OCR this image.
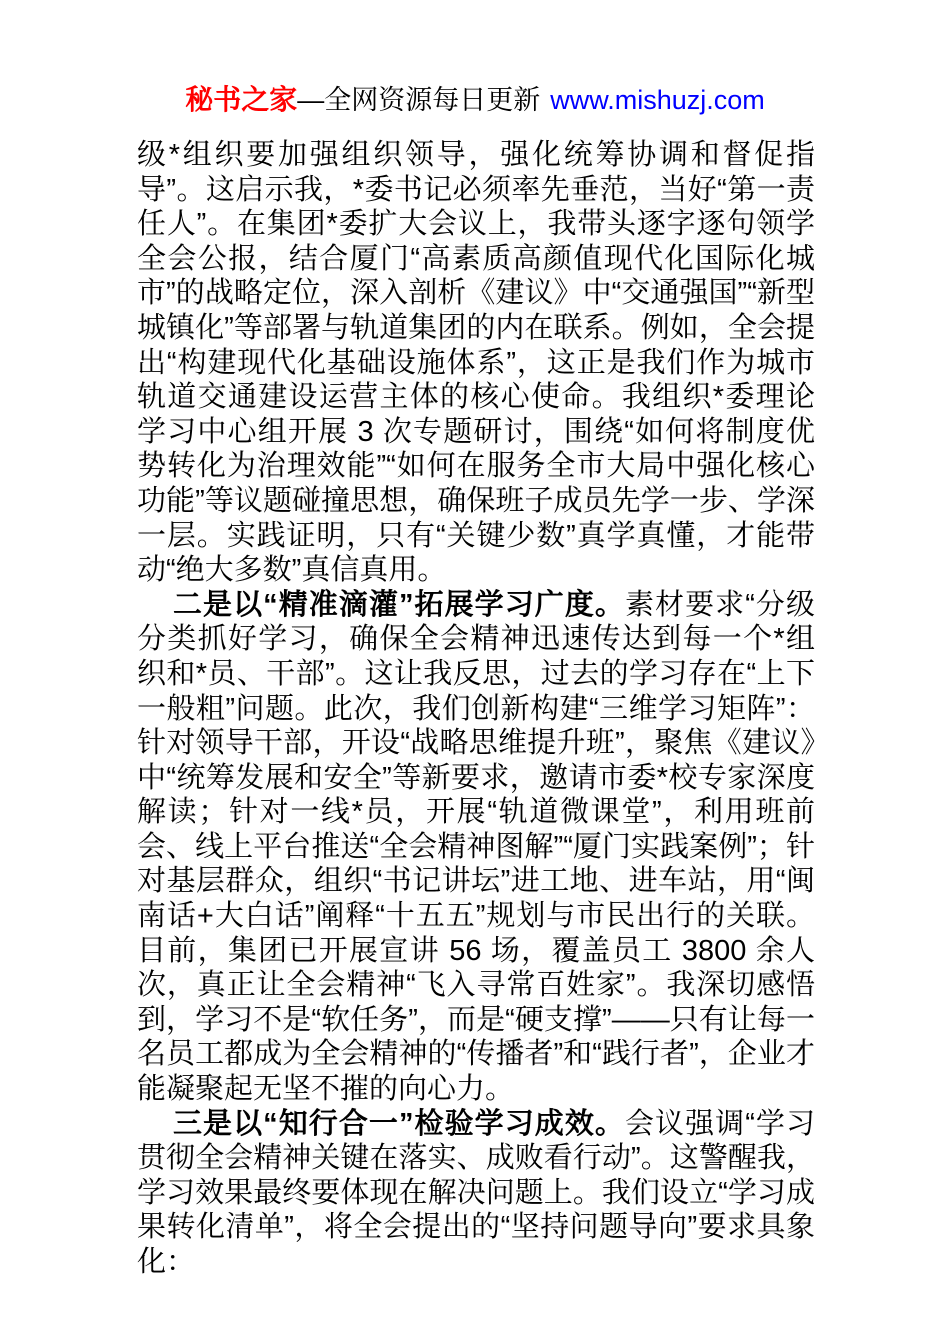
秘书之家—全网资源每日更新 www.mishuzj.com

级*组织要加强组织领导，强化统筹协调和督促指导”。这启示我，*委书记必须率先垂范，当好“第一责任人”。在集团*委扩大会议上，我带头逐字逐句领学全会公报，结合厦门“高素质高颜值现代化国际化城市”的战略定位，深入剖析《建议》中“交通强国”“新型城镇化”等部署与轨道集团的内在联系。例如，全会提出“构建现代化基础设施体系”，这正是我们作为城市轨道交通建设运营主体的核心使命。我组织*委理论学习中心组开展 3 次专题研讨，围绕“如何将制度优势转化为治理效能”“如何在服务全市大局中强化核心功能”等议题碰撞思想，确保班子成员先学一步、学深一层。实践证明，只有“关键少数”真学真懂，才能带动“绝大多数”真信真用。

二是以“精准滴灌”拓展学习广度。素材要求“分级分类抓好学习，确保全会精神迅速传达到每一个*组织和*员、干部”。这让我反思，过去的学习存在“上下一般粗”问题。此次，我们创新构建“三维学习矩阵”：针对领导干部，开设“战略思维提升班”，聚焦《建议》中“统筹发展和安全”等新要求，邀请市委*校专家深度解读；针对一线*员，开展“轨道微课堂”，利用班前会、线上平台推送“全会精神图解”“厦门实践案例”；针对基层群众，组织“书记讲坛”进工地、进车站，用“闽南话+大白话”阐释“十五五”规划与市民出行的关联。目前，集团已开展宣讲 56 场，覆盖员工 3800 余人次，真正让全会精神“飞入寻常百姓家”。我深切感悟到，学习不是“软任务”，而是“硬支撑”——只有让每一名员工都成为全会精神的“传播者”和“践行者”，企业才能凝聚起无坚不摧的向心力。

三是以“知行合一”检验学习成效。会议强调“学习贯彻全会精神关键在落实、成败看行动”。这警醒我，学习效果最终要体现在解决问题上。我们设立“学习成果转化清单”，将全会提出的“坚持问题导向”要求具象化：
